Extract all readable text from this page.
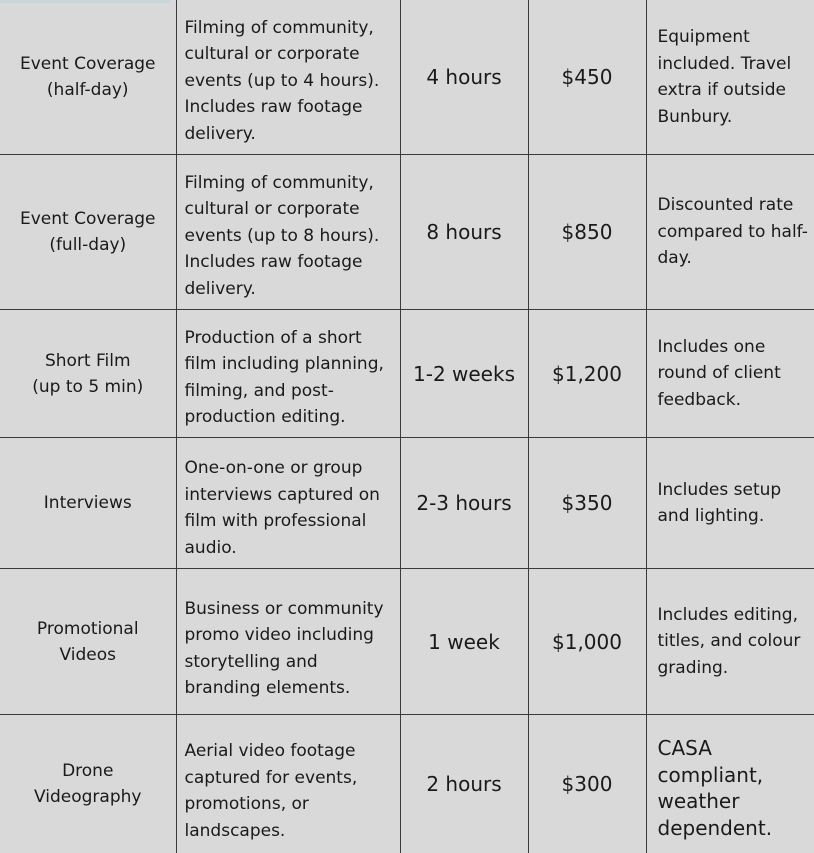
Event Coverage
(half-day)	Filming of community, cultural or corporate events (up to 4 hours). Includes raw footage delivery.	4 hours	$450	Equipment included. Travel extra if outside Bunbury.

Event Coverage
(full-day)	Filming of community, cultural or corporate events (up to 8 hours). Includes raw footage delivery.	8 hours	$850	Discounted rate compared to half-day.

Short Film
(up to 5 min)	Production of a short film including planning, filming, and post-production editing.	1-2 weeks	$1,200	Includes one round of client feedback.

Interviews	One-on-one or group interviews captured on film with professional audio.	2-3 hours	$350	Includes setup and lighting.

Promotional
Videos	Business or community promo video including storytelling and branding elements.	1 week	$1,000	Includes editing, titles, and colour grading.

Drone
Videography	Aerial video footage captured for events, promotions, or landscapes.	2 hours	$300	CASA compliant, weather dependent.
